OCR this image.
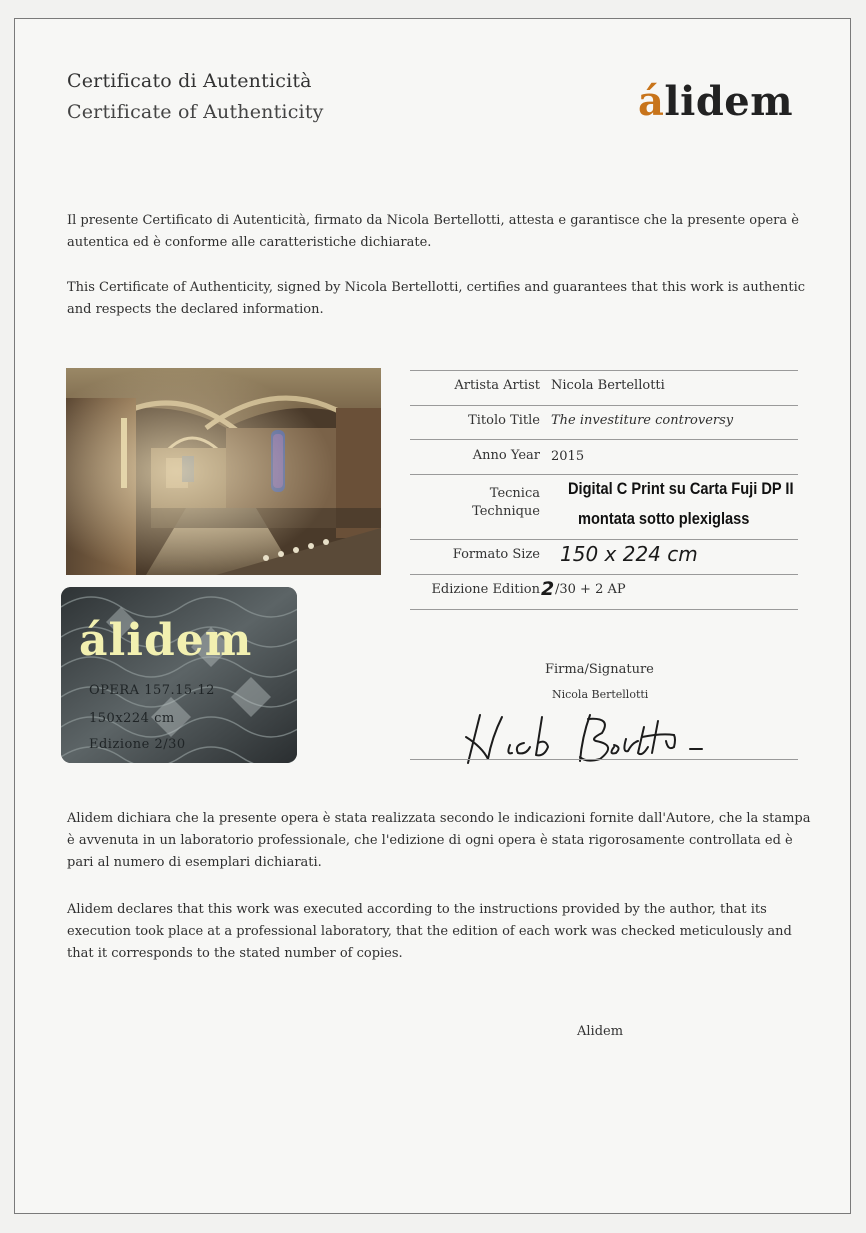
Certificato di Autenticità
Certificate of Authenticity	álidem
Il presente Certificato di Autenticità, firmato da Nicola Bertellotti, attesta e garantisce che la presente opera è autentica ed è conforme alle caratteristiche dichiarate.
This Certificate of Authenticity, signed by Nicola Bertellotti, certifies and guarantees that this work is authentic and respects the declared information.
álidem
OPERA 157.15.12
150x224 cm
Edizione 2/30
Artista Artist Nicola Bertellotti
Titolo Title The investiture controversy
Anno Year 2015
Tecnica
Technique
Digital C Print su Carta Fuji DP II
montata sotto plexiglass
Formato Size 150 x 224 cm
Edizione Edition 2 /30 + 2 AP
Firma/Signature
Nicola Bertellotti
Alidem dichiara che la presente opera è stata realizzata secondo le indicazioni fornite dall'Autore, che la stampa è avvenuta in un laboratorio professionale, che l'edizione di ogni opera è stata rigorosamente controllata ed è pari al numero di esemplari dichiarati.
Alidem declares that this work was executed according to the instructions provided by the author, that its execution took place at a professional laboratory, that the edition of each work was checked meticulously and that it corresponds to the stated number of copies.
Alidem
